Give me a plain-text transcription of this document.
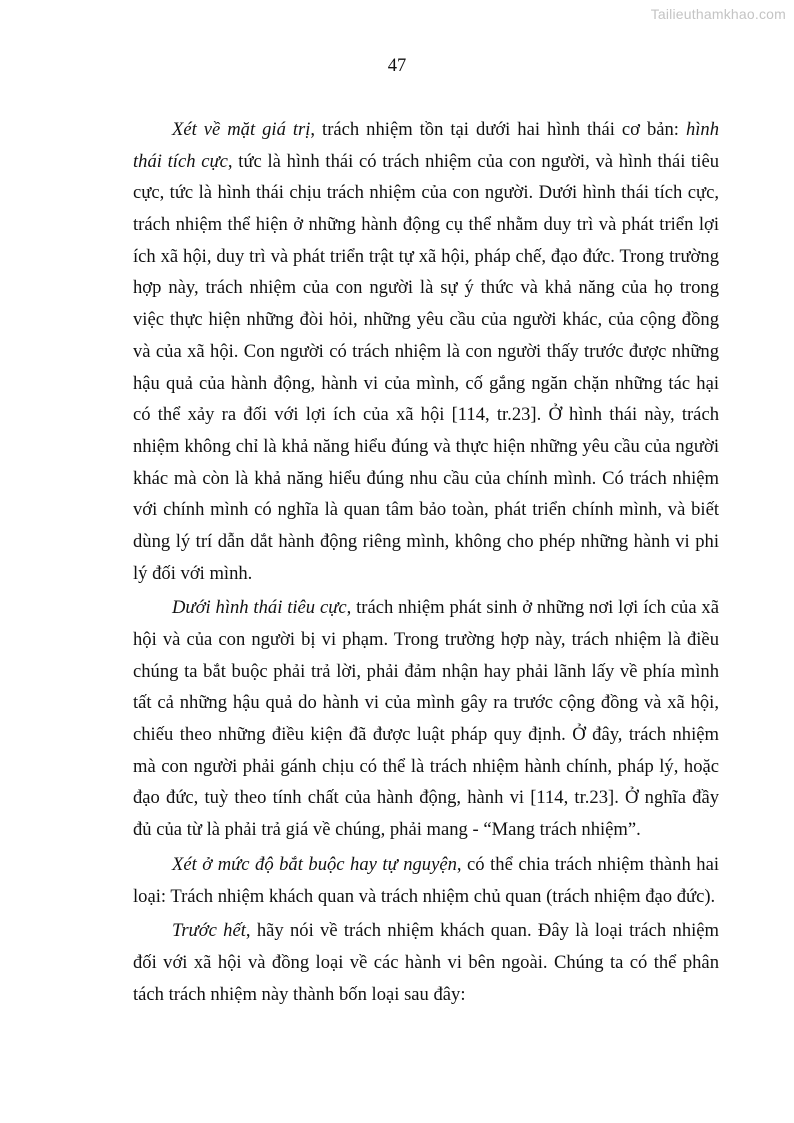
Tailieuthamkhao.com
47
Xét về mặt giá trị, trách nhiệm tồn tại dưới hai hình thái cơ bản: hình
thái tích cực, tức là hình thái có trách nhiệm của con người, và hình thái tiêu
cực, tức là hình thái chịu trách nhiệm của con người. Dưới hình thái tích cực,
trách nhiệm thể hiện ở những hành động cụ thể nhằm duy trì và phát triển lợi
ích xã hội, duy trì và phát triển trật tự xã hội, pháp chế, đạo đức. Trong trường
hợp này, trách nhiệm của con người là sự ý thức và khả năng của họ trong
việc thực hiện những đòi hỏi, những yêu cầu của người khác, của cộng đồng
và của xã hội. Con người có trách nhiệm là con người thấy trước được những
hậu quả của hành động, hành vi của mình, cố gắng ngăn chặn những tác hại
có thể xảy ra đối với lợi ích của xã hội [114, tr.23]. Ở hình thái này, trách
nhiệm không chỉ là khả năng hiểu đúng và thực hiện những yêu cầu của người
khác mà còn là khả năng hiểu đúng nhu cầu của chính mình. Có trách nhiệm
với chính mình có nghĩa là quan tâm bảo toàn, phát triển chính mình, và biết
dùng lý trí dẫn dắt hành động riêng mình, không cho phép những hành vi phi
lý đối với mình.
Dưới hình thái tiêu cực, trách nhiệm phát sinh ở những nơi lợi ích của xã
hội và của con người bị vi phạm. Trong trường hợp này, trách nhiệm là điều
chúng ta bắt buộc phải trả lời, phải đảm nhận hay phải lãnh lấy về phía mình
tất cả những hậu quả do hành vi của mình gây ra trước cộng đồng và xã hội,
chiếu theo những điều kiện đã được luật pháp quy định. Ở đây, trách nhiệm
mà con người phải gánh chịu có thể là trách nhiệm hành chính, pháp lý, hoặc
đạo đức, tuỳ theo tính chất của hành động, hành vi [114, tr.23]. Ở nghĩa đầy
đủ của từ là phải trả giá về chúng, phải mang - “Mang trách nhiệm”.
Xét ở mức độ bắt buộc hay tự nguyện, có thể chia trách nhiệm thành hai
loại: Trách nhiệm khách quan và trách nhiệm chủ quan (trách nhiệm đạo đức).
Trước hết, hãy nói về trách nhiệm khách quan. Đây là loại trách nhiệm
đối với xã hội và đồng loại về các hành vi bên ngoài. Chúng ta có thể phân
tách trách nhiệm này thành bốn loại sau đây:
